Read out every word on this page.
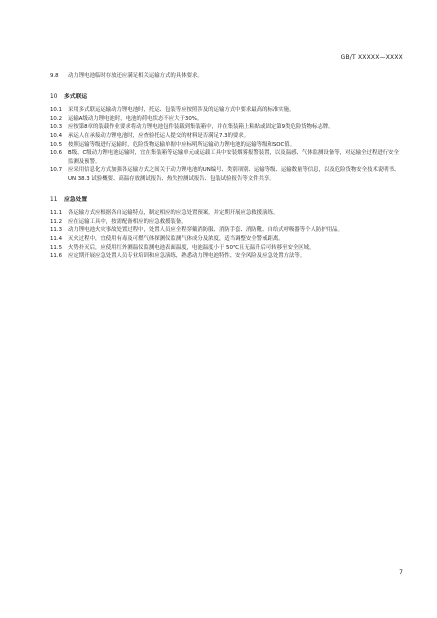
GB/T XXXXX—XXXX

9.8 动力锂电池临时存放还应满足相关运输方式的具体要求。

10 多式联运

10.1 采用多式联运运输动力锂电池时，托运、包装等应按照涉及的运输方式中要求最高的标准实施。

10.2 运输A级动力锂电池时，电池的荷电状态不应大于30%。

10.3 应按第8章的装载作业要求将动力锂电池包件装载到集装箱中，并在集装箱上粘贴或固定第9类危险货物标志牌。

10.4 承运人在承接动力锂电池时，应查验托运人提交的材料是否满足7.3的要求。

10.5 按照运输等级进行运输时，危险货物运输单据中应标明所运输动力锂电池的运输等级和SOC值。

10.6 B级、C级动力锂电池运输时，宜在集装箱等运输单元或运载工具中安装烟雾报警装置，以及温感、气体监测设备等，对运输全过程进行安全监测及预警。

10.7 应采用信息化方式加强各运输方式之间关于动力锂电池的UN编号、类别项别、运输等级、运输数量等信息，以及危险货物安全技术说明书、UN 38.3 试验概要、高温存放测试报告、热失控测试报告、包装试验报告等文件共享。

11 应急处置

11.1 各运输方式应根据各自运输特点，制定相应的应急处置预案，并定期开展应急救援演练。

11.2 应在运输工具中，按需配备相应的应急救援装备。

11.3 动力锂电池火灾事故处置过程中，处置人员应全程穿戴消防服、消防手套、消防靴、自给式呼吸器等个人防护用品。

11.4 灭火过程中，宜使用有毒及可燃气体探测仪监测气体成分及浓度，适当调整安全警戒距离。

11.5 火势扑灭后，应使用红外测温仪监测电池表面温度，电池温度小于 50℃且无温升后可转移至安全区域。

11.6 应定期开展应急处置人员专业培训和应急演练，熟悉动力锂电池特性、安全风险及应急处置方法等。

7
